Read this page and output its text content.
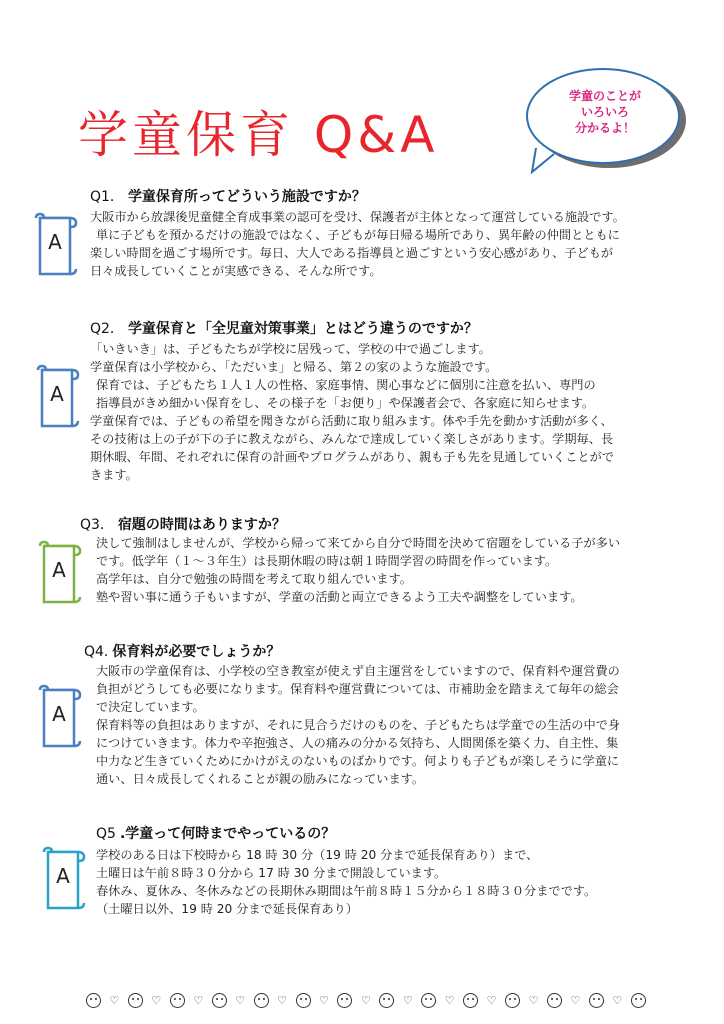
学童保育 Q&A
学童のことが
いろいろ
分かるよ！
Q1． 学童保育所ってどういう施設ですか？
A
大阪市から放課後児童健全育成事業の認可を受け、保護者が主体となって運営している施設です。
単に子どもを預かるだけの施設ではなく、子どもが毎日帰る場所であり、異年齢の仲間とともに
楽しい時間を過ごす場所です。毎日、大人である指導員と過ごすという安心感があり、子どもが
日々成長していくことが実感できる、そんな所です。
Q2． 学童保育と「全児童対策事業」とはどう違うのですか？
A
「いきいき」は、子どもたちが学校に居残って、学校の中で過ごします。
学童保育は小学校から、「ただいま」と帰る、第２の家のような施設です。
保育では、子どもたち１人１人の性格、家庭事情、関心事などに個別に注意を払い、専門の
指導員がきめ細かい保育をし、その様子を「お便り」や保護者会で、各家庭に知らせます。
学童保育では、子どもの希望を聞きながら活動に取り組みます。体や手先を動かす活動が多く、
その技術は上の子が下の子に教えながら、みんなで達成していく楽しさがあります。学期毎、長
期休暇、年間、それぞれに保育の計画やプログラムがあり、親も子も先を見通していくことがで
きます。
Q3． 宿題の時間はありますか？
A
決して強制はしませんが、学校から帰って来てから自分で時間を決めて宿題をしている子が多い
です。低学年（１～３年生）は長期休暇の時は朝１時間学習の時間を作っています。
高学年は、自分で勉強の時間を考えて取り組んでいます。
塾や習い事に通う子もいますが、学童の活動と両立できるよう工夫や調整をしています。
Q4. 保育料が必要でしょうか？
A
大阪市の学童保育は、小学校の空き教室が使えず自主運営をしていますので、保育料や運営費の
負担がどうしても必要になります。保育料や運営費については、市補助金を踏まえて毎年の総会
で決定しています。
保育料等の負担はありますが、それに見合うだけのものを、子どもたちは学童での生活の中で身
につけていきます。体力や辛抱強さ、人の痛みの分かる気持ち、人間関係を築く力、自主性、集
中力など生きていくためにかけがえのないものばかりです。何よりも子どもが楽しそうに学童に
通い、日々成長してくれることが親の励みになっています。
Q5 .学童って何時までやっているの？
A
学校のある日は下校時から 18 時 30 分（19 時 20 分まで延長保育あり）まで、
土曜日は午前８時３０分から 17 時 30 分まで開設しています。
春休み、夏休み、冬休みなどの長期休み期間は午前８時１５分から１８時３０分までです。
（土曜日以外、19 時 20 分まで延長保育あり）
♡	♡	♡	♡	♡	♡	♡	♡	♡	♡	♡	♡	♡
